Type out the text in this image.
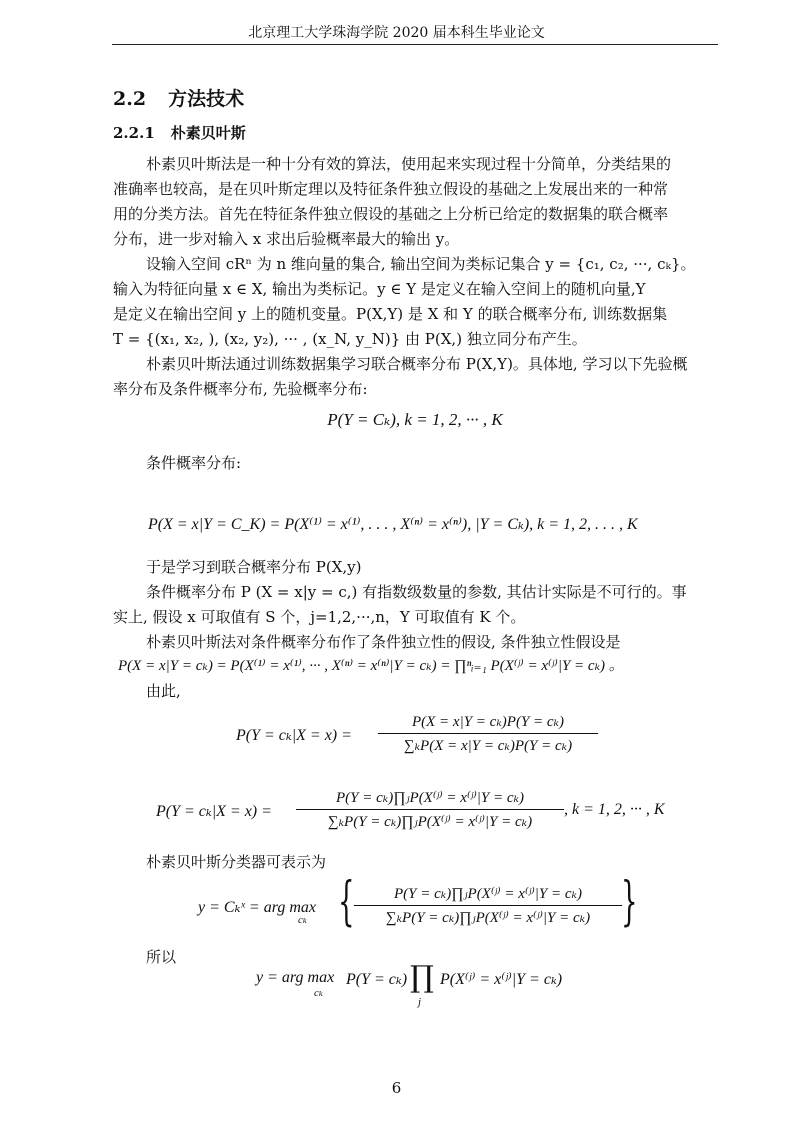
北京理工大学珠海学院 2020 届本科生毕业论文
2.2 方法技术
2.2.1 朴素贝叶斯
朴素贝叶斯法是一种十分有效的算法，使用起来实现过程十分简单，分类结果的
准确率也较高，是在贝叶斯定理以及特征条件独立假设的基础之上发展出来的一种常
用的分类方法。首先在特征条件独立假设的基础之上分析已给定的数据集的联合概率
分布，进一步对输入 x 求出后验概率最大的输出 y。
设输入空间 cRⁿ 为 n 维向量的集合, 输出空间为类标记集合 y = {c₁, c₂, ···, cₖ}。
输入为特征向量 x ∈ X, 输出为类标记。y ∈ Y 是定义在输入空间上的随机向量,Y
是定义在输出空间 y 上的随机变量。P(X,Y) 是 X 和 Y 的联合概率分布, 训练数据集
T = {(x₁, x₂, ), (x₂, y₂), ··· , (x_N, y_N)} 由 P(X,) 独立同分布产生。
朴素贝叶斯法通过训练数据集学习联合概率分布 P(X,Y)。具体地, 学习以下先验概
率分布及条件概率分布, 先验概率分布:
P(Y = Cₖ), k = 1, 2, ··· , K
条件概率分布:
P(X = x|Y = C_K) = P(X⁽¹⁾ = x⁽¹⁾, . . . , X⁽ⁿ⁾ = x⁽ⁿ⁾), |Y = Cₖ), k = 1, 2, . . . , K
于是学习到联合概率分布 P(X,y)
条件概率分布 P (X = x|y = c,) 有指数级数量的参数, 其估计实际是不可行的。事
实上, 假设 x 可取值有 S 个，j=1,2,···,n，Y 可取值有 K 个。
朴素贝叶斯法对条件概率分布作了条件独立性的假设, 条件独立性假设是
P(X = x|Y = cₖ) = P(X⁽¹⁾ = x⁽¹⁾, ··· , X⁽ⁿ⁾ = x⁽ⁿ⁾|Y = cₖ) = ∏ⁿᵢ₌₁ P(X⁽ʲ⁾ = x⁽ʲ⁾|Y = cₖ) 。
由此,
P(Y = cₖ|X = x) =
P(X = x|Y = cₖ)P(Y = cₖ)
∑ₖP(X = x|Y = cₖ)P(Y = cₖ)
P(Y = cₖ|X = x) =
P(Y = cₖ)∏ⱼP(X⁽ʲ⁾ = x⁽ʲ⁾|Y = cₖ)
∑ₖP(Y = cₖ)∏ⱼP(X⁽ʲ⁾ = x⁽ʲ⁾|Y = cₖ)
, k = 1, 2, ··· , K
朴素贝叶斯分类器可表示为
y = Cₖˣ = arg max
cₖ {	P(Y = cₖ)∏ⱼP(X⁽ʲ⁾ = x⁽ʲ⁾|Y = cₖ)
∑ₖP(Y = cₖ)∏ⱼP(X⁽ʲ⁾ = x⁽ʲ⁾|Y = cₖ) }
所以
y = arg max
cₖ
P(Y = cₖ) ∏
j
P(X⁽ʲ⁾ = x⁽ʲ⁾|Y = cₖ)
6
